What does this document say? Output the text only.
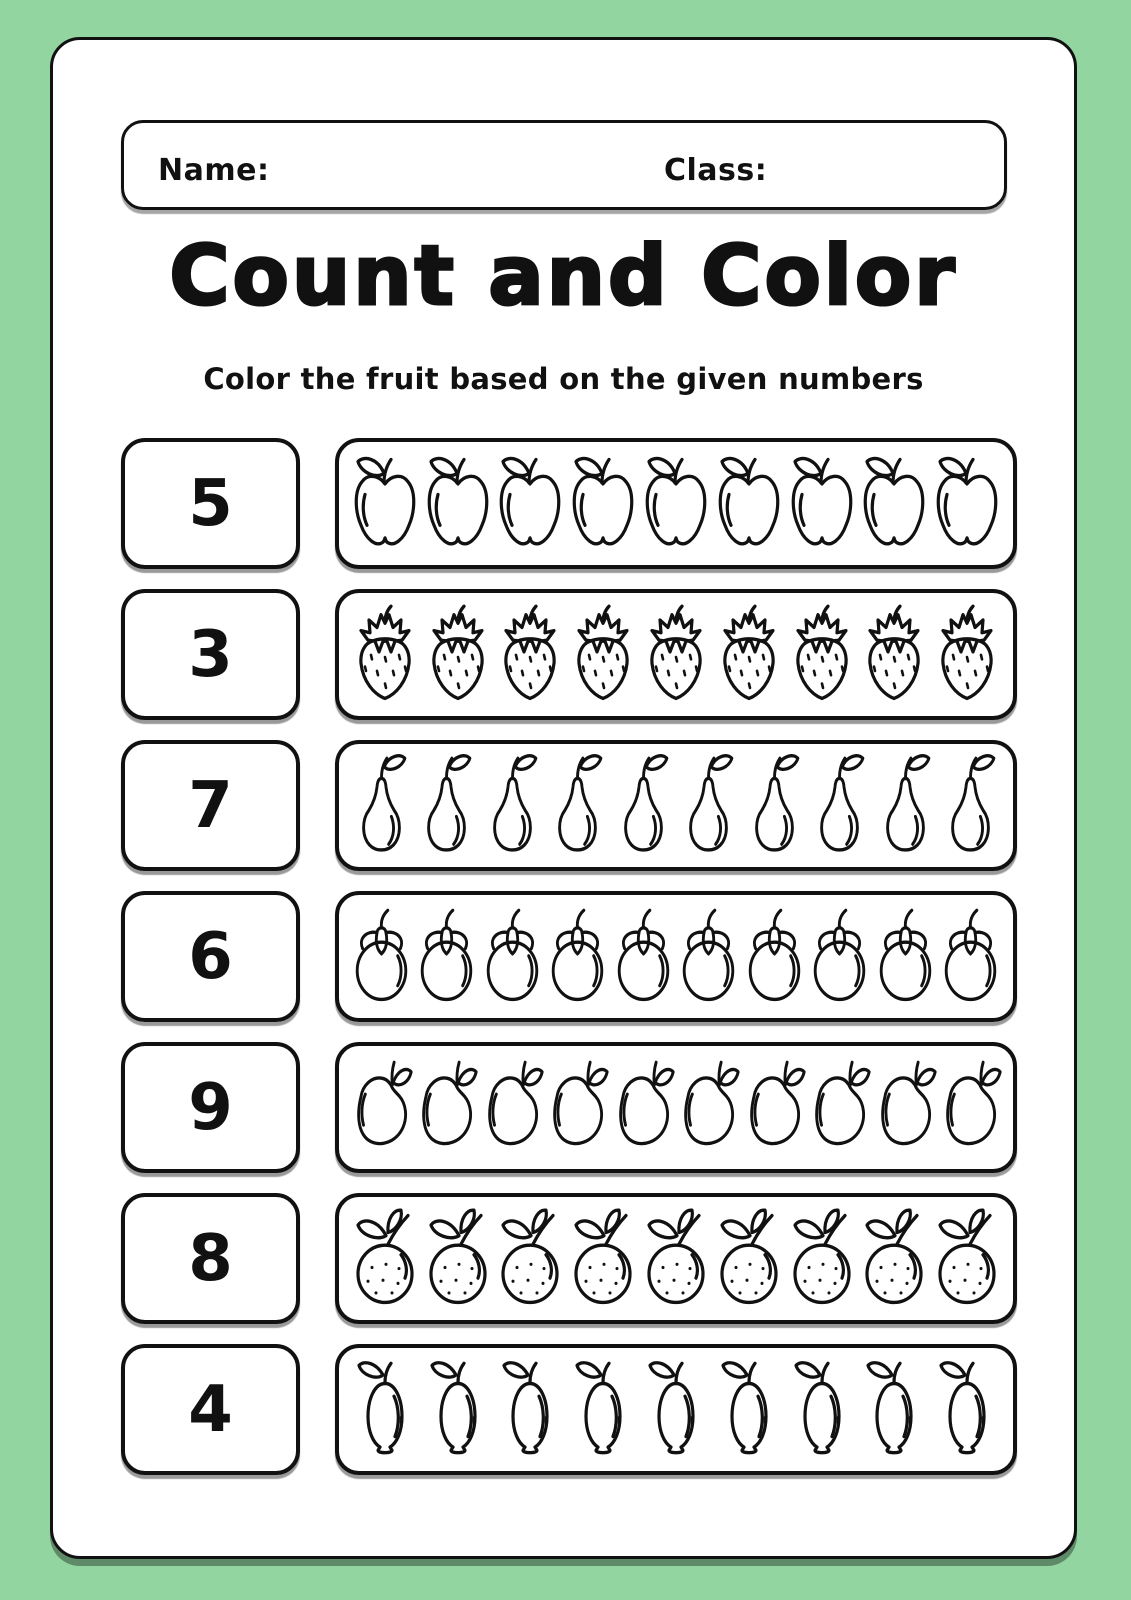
Name:	Class:
Count and Color
Color the fruit based on the given numbers
5
3
7
6
9
8
4
